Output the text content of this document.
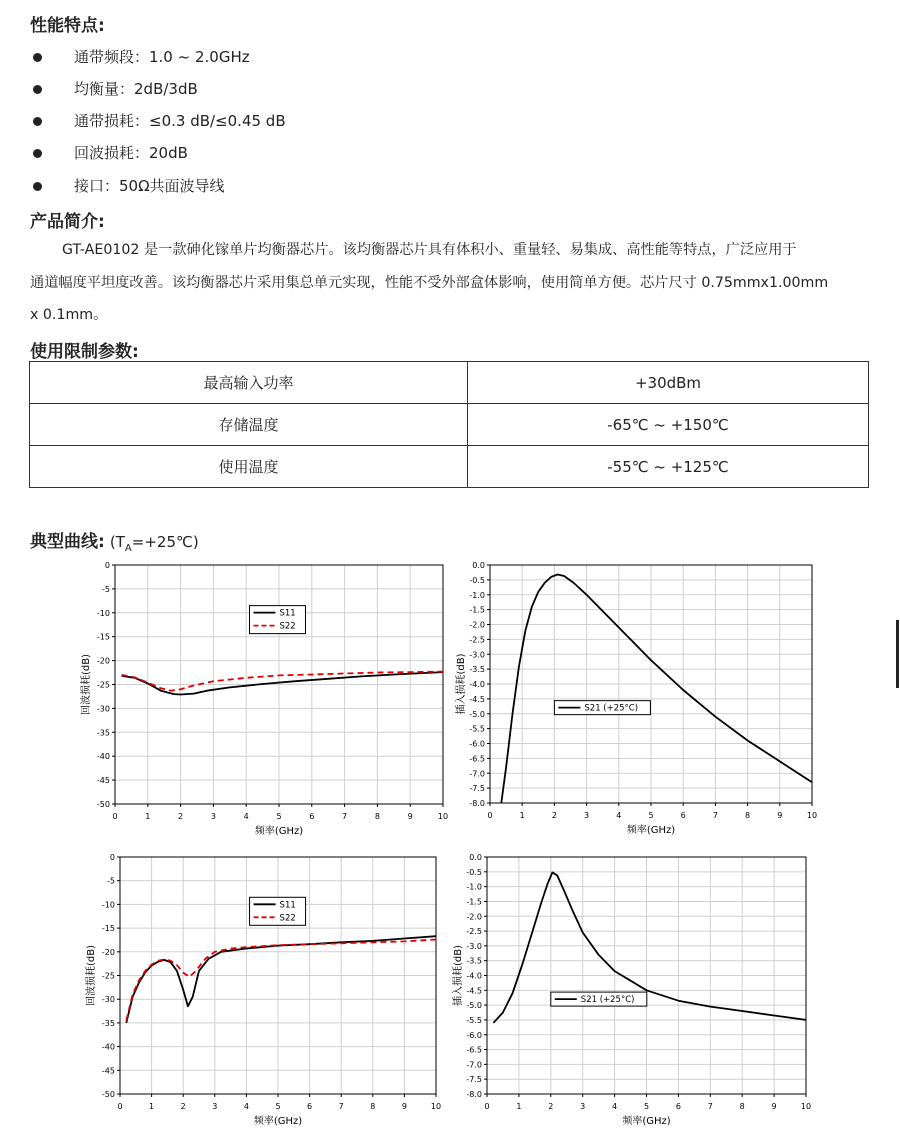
性能特点:
通带频段：1.0 ~ 2.0GHz
均衡量：2dB/3dB
通带损耗：≤0.3 dB/≤0.45 dB
回波损耗：20dB
接口：50Ω共面波导线
产品简介:
GT-AE0102 是一款砷化镓单片均衡器芯片。该均衡器芯片具有体积小、重量轻、易集成、高性能等特点，广泛应用于
通道幅度平坦度改善。该均衡器芯片采用集总单元实现，性能不受外部盒体影响，使用简单方便。芯片尺寸 0.75mmx1.00mm
x 0.1mm。
使用限制参数:
最高输入功率	+30dBm
存储温度	-65℃ ~ +150℃
使用温度	-55℃ ~ +125℃
典型曲线: $(T_A=+25℃)$
0	1	2	3	4	5	6	7	8	9	10
0
-5
-10
-15
-20
-25
-30
-35
-40
-45
-50
频率(GHz)
回波损耗(dB)
S11
S22
0	1	2	3	4	5	6	7	8	9	10
0.0
-0.5
-1.0
-1.5
-2.0
-2.5
-3.0
-3.5
-4.0
-4.5
-5.0
-5.5
-6.0
-6.5
-7.0
-7.5
-8.0
频率(GHz)
插入损耗(dB)	S21 (+25°C)
0	1	2	3	4	5	6	7	8	9	10
0
-5
-10
-15
-20
-25
-30
-35
-40
-45
-50
频率(GHz)
回波损耗(dB)
S11
S22
0	1	2	3	4	5	6	7	8	9	10
0.0
-0.5
-1.0
-1.5
-2.0
-2.5
-3.0
-3.5
-4.0
-4.5
-5.0
-5.5
-6.0
-6.5
-7.0
-7.5
-8.0
频率(GHz)
插入损耗(dB)	S21 (+25°C)
